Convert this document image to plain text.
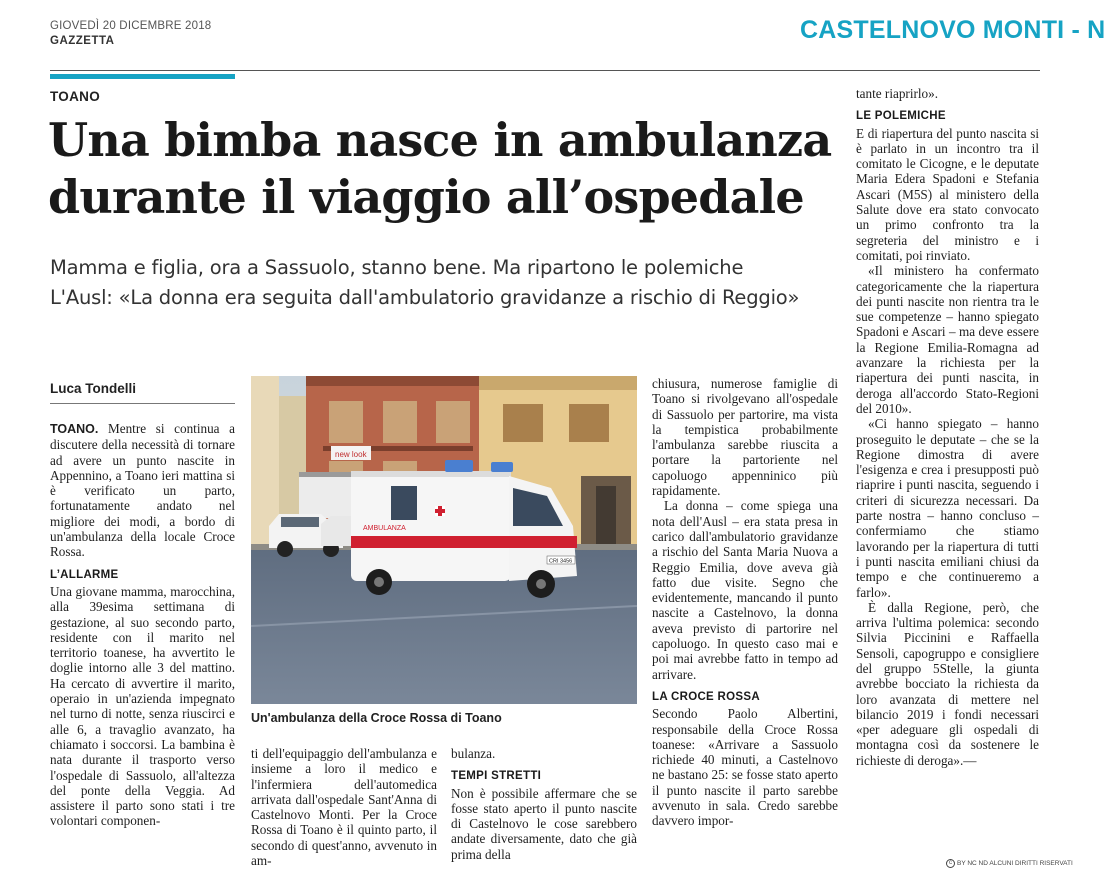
GIOVEDÌ 20 DICEMBRE 2018
GAZZETTA	CASTELNOVO MONTI - N
TOANO
Una bimba nasce in ambulanza durante il viaggio all’ospedale
Mamma e figlia, ora a Sassuolo, stanno bene. Ma ripartono le polemiche
L'Ausl: «La donna era seguita dall'ambulatorio gravidanze a rischio di Reggio»
Luca Tondelli

TOANO. Mentre si continua a discutere della necessità di tornare ad avere un punto nascite in Appennino, a Toano ieri mattina si è verificato un parto, fortunatamente andato nel migliore dei modi, a bordo di un'ambulanza della locale Croce Rossa.

L’ALLARME

Una giovane mamma, marocchina, alla 39esima settimana di gestazione, al suo secondo parto, residente con il marito nel territorio toanese, ha avvertito le doglie intorno alle 3 del mattino. Ha cercato di avvertire il marito, operaio in un'azienda impegnato nel turno di notte, senza riuscirci e alle 6, a travaglio avanzato, ha chiamato i soccorsi. La bambina è nata durante il trasporto verso l'ospedale di Sassuolo, all'altezza del ponte della Veggia. Ad assistere il parto sono stati i tre volontari componen-

new look
AMBULANZA
CRI 3456
Un'ambulanza della Croce Rossa di Toano

ti dell'equipaggio dell'ambulanza e insieme a loro il medico e l'infermiera dell'automedica arrivata dall'ospedale Sant'Anna di Castelnovo Monti. Per la Croce Rossa di Toano è il quinto parto, il secondo di quest'anno, avvenuto in am-

bulanza.

TEMPI STRETTI

Non è possibile affermare che se fosse stato aperto il punto nascite di Castelnovo le cose sarebbero andate diversamente, dato che già prima della

chiusura, numerose famiglie di Toano si rivolgevano all'ospedale di Sassuolo per partorire, ma vista la tempistica probabilmente l'ambulanza sarebbe riuscita a portare la partoriente nel capoluogo appenninico più rapidamente.

La donna – come spiega una nota dell'Ausl – era stata presa in carico dall'ambulatorio gravidanze a rischio del Santa Maria Nuova a Reggio Emilia, dove aveva già fatto due visite. Segno che evidentemente, mancando il punto nascite a Castelnovo, la donna aveva previsto di partorire nel capoluogo. In questo caso mai e poi mai avrebbe fatto in tempo ad arrivare.

LA CROCE ROSSA

Secondo Paolo Albertini, responsabile della Croce Rossa toanese: «Arrivare a Sassuolo richiede 40 minuti, a Castelnovo ne bastano 25: se fosse stato aperto il punto nascite il parto sarebbe avvenuto in sala. Credo sarebbe davvero impor-

tante riaprirlo».

LE POLEMICHE

E di riapertura del punto nascita si è parlato in un incontro tra il comitato le Cicogne, e le deputate Maria Edera Spadoni e Stefania Ascari (M5S) al ministero della Salute dove era stato convocato un primo confronto tra la segreteria del ministro e i comitati, poi rinviato.

«Il ministero ha confermato categoricamente che la riapertura dei punti nascite non rientra tra le sue competenze – hanno spiegato Spadoni e Ascari – ma deve essere la Regione Emilia-Romagna ad avanzare la richiesta per la riapertura dei punti nascita, in deroga all'accordo Stato-Regioni del 2010».

«Ci hanno spiegato – hanno proseguito le deputate – che se la Regione dimostra di avere l'esigenza e crea i presupposti può riaprire i punti nascita, seguendo i criteri di sicurezza necessari. Da parte nostra – hanno concluso – confermiamo che stiamo lavorando per la riapertura di tutti i punti nascita emiliani chiusi da tempo e che continueremo a farlo».

È dalla Regione, però, che arriva l'ultima polemica: secondo Silvia Piccinini e Raffaella Sensoli, capogruppo e consigliere del gruppo 5Stelle, la giunta avrebbe bocciato la richiesta da loro avanzata di mettere nel bilancio 2019 i fondi necessari «per adeguare gli ospedali di montagna così da sostenere le richieste di deroga».—

c BY NC ND ALCUNI DIRITTI RISERVATI
